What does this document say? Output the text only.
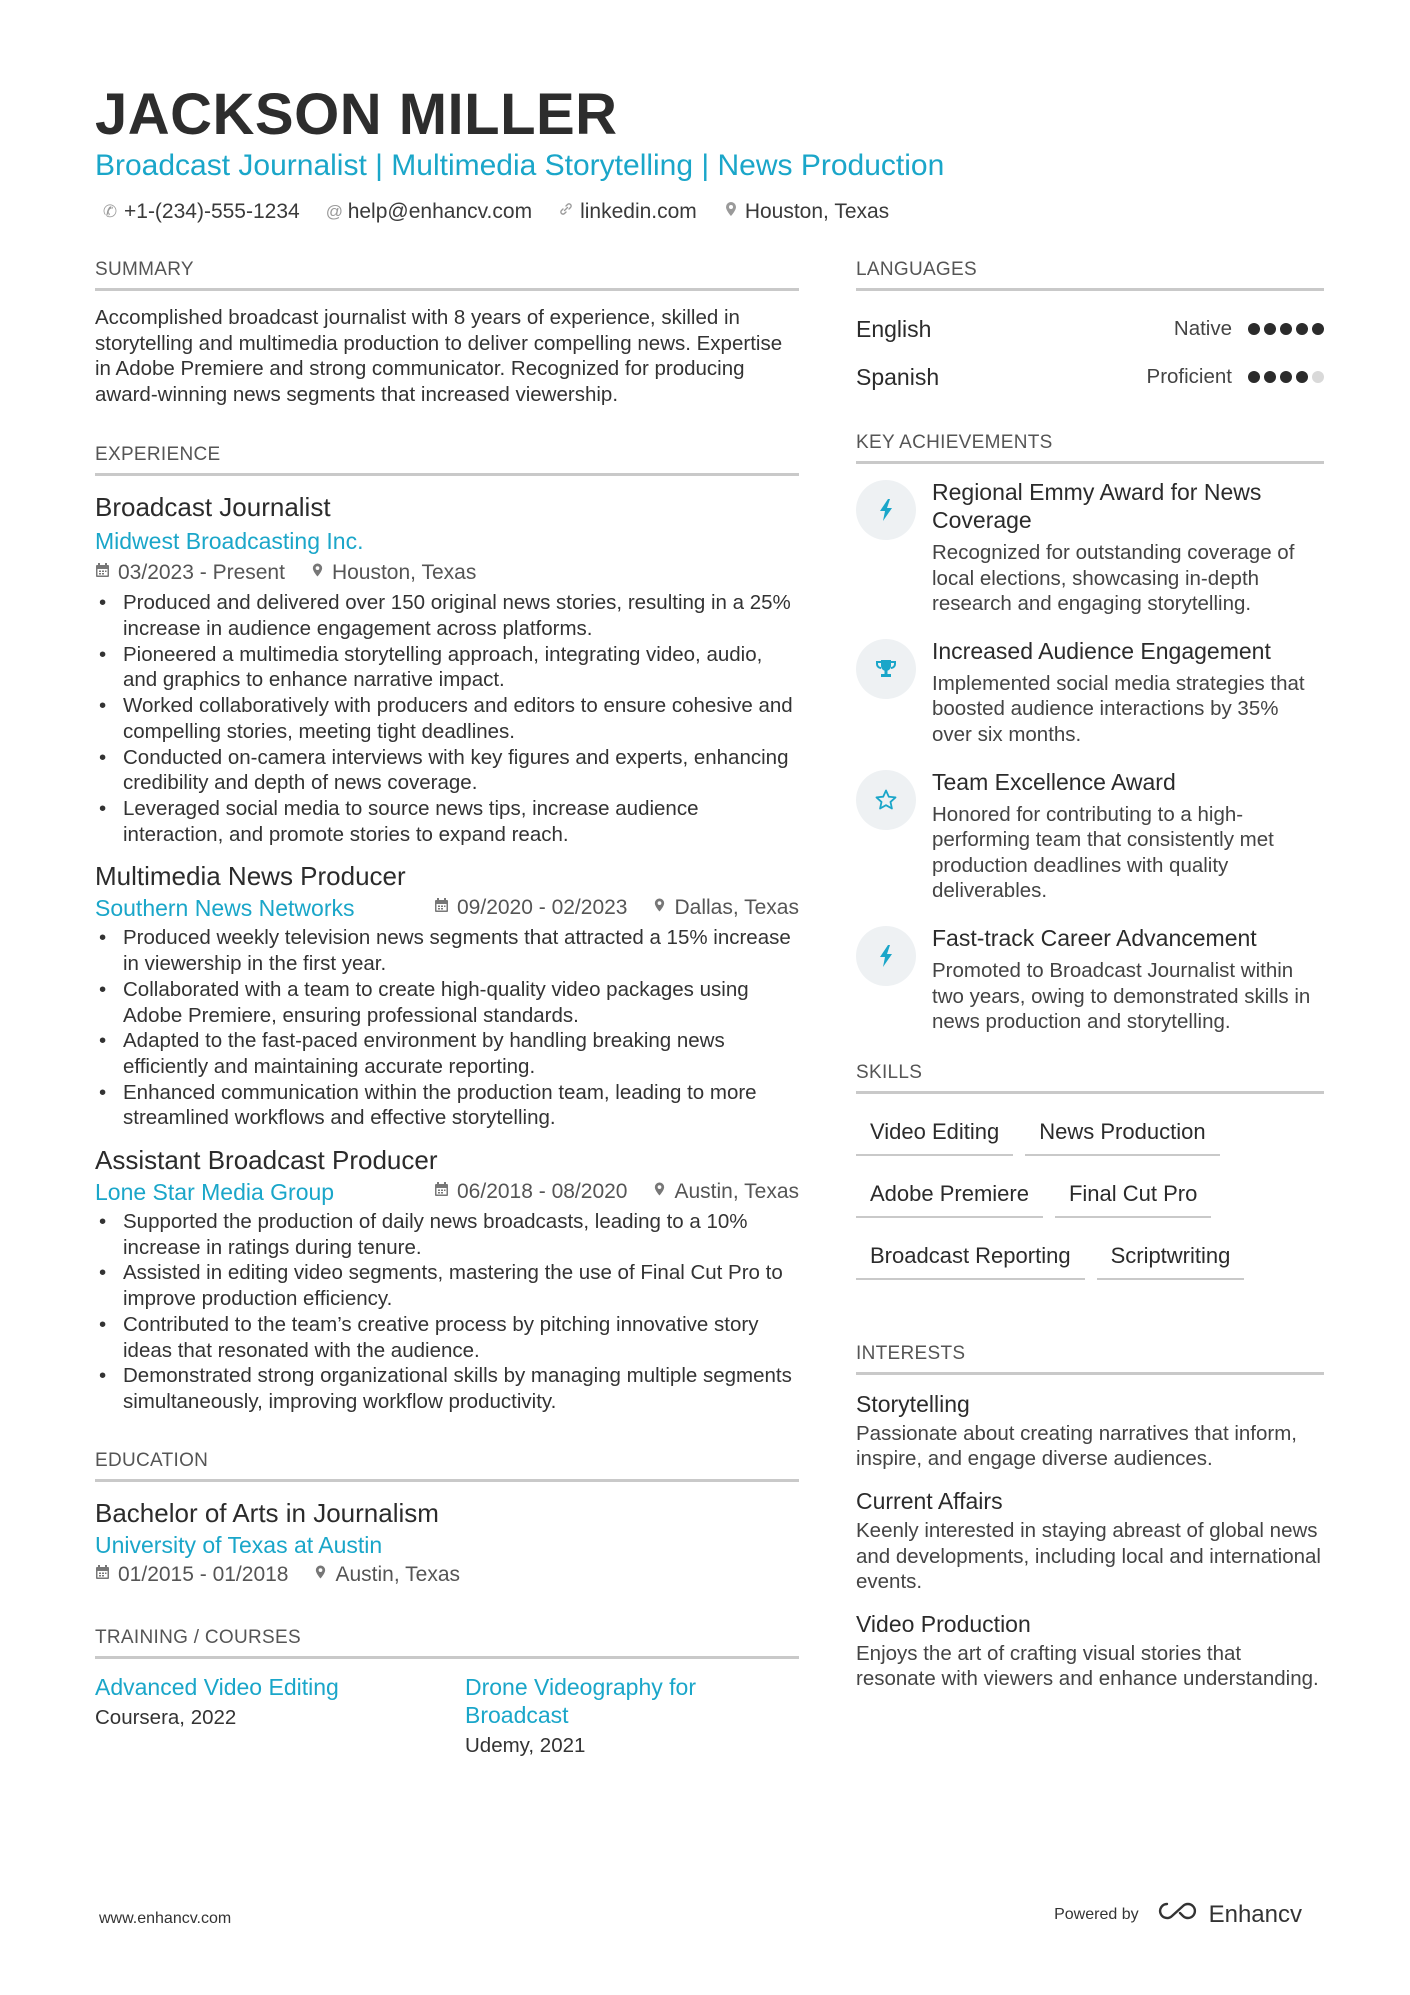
JACKSON MILLER
Broadcast Journalist | Multimedia Storytelling | News Production
✆ +1-(234)-555-1234 @ help@enhancv.com linkedin.com Houston, Texas
SUMMARY

Accomplished broadcast journalist with 8 years of experience, skilled in storytelling and multimedia production to deliver compelling news. Expertise in Adobe Premiere and strong communicator. Recognized for producing award-winning news segments that increased viewership.

EXPERIENCE
Broadcast Journalist
Midwest Broadcasting Inc.
03/2023 - Present Houston, Texas
• Produced and delivered over 150 original news stories, resulting in a 25% increase in audience engagement across platforms.
• Pioneered a multimedia storytelling approach, integrating video, audio, and graphics to enhance narrative impact.
• Worked collaboratively with producers and editors to ensure cohesive and compelling stories, meeting tight deadlines.
• Conducted on-camera interviews with key figures and experts, enhancing credibility and depth of news coverage.
• Leveraged social media to source news tips, increase audience interaction, and promote stories to expand reach.
Multimedia News Producer
Southern News Networks	09/2020 - 02/2023 Dallas, Texas
• Produced weekly television news segments that attracted a 15% increase in viewership in the first year.
• Collaborated with a team to create high-quality video packages using Adobe Premiere, ensuring professional standards.
• Adapted to the fast-paced environment by handling breaking news efficiently and maintaining accurate reporting.
• Enhanced communication within the production team, leading to more streamlined workflows and effective storytelling.
Assistant Broadcast Producer
Lone Star Media Group	06/2018 - 08/2020 Austin, Texas
• Supported the production of daily news broadcasts, leading to a 10% increase in ratings during tenure.
• Assisted in editing video segments, mastering the use of Final Cut Pro to improve production efficiency.
• Contributed to the team’s creative process by pitching innovative story ideas that resonated with the audience.
• Demonstrated strong organizational skills by managing multiple segments simultaneously, improving workflow productivity.
EDUCATION
Bachelor of Arts in Journalism
University of Texas at Austin
01/2015 - 01/2018 Austin, Texas
TRAINING / COURSES
Advanced Video Editing
Coursera, 2022
Drone Videography for Broadcast
Udemy, 2021
LANGUAGES
English	Native
Spanish	Proficient
KEY ACHIEVEMENTS
Regional Emmy Award for News Coverage
Recognized for outstanding coverage of local elections, showcasing in-depth research and engaging storytelling.
Increased Audience Engagement
Implemented social media strategies that boosted audience interactions by 35% over six months.
Team Excellence Award
Honored for contributing to a high-performing team that consistently met production deadlines with quality deliverables.
Fast-track Career Advancement
Promoted to Broadcast Journalist within two years, owing to demonstrated skills in news production and storytelling.
SKILLS
Video Editing	News Production
Adobe Premiere	Final Cut Pro
Broadcast Reporting	Scriptwriting
INTERESTS
Storytelling
Passionate about creating narratives that inform, inspire, and engage diverse audiences.
Current Affairs
Keenly interested in staying abreast of global news and developments, including local and international events.
Video Production
Enjoys the art of crafting visual stories that resonate with viewers and enhance understanding.
www.enhancv.com	Powered by	Enhancv
